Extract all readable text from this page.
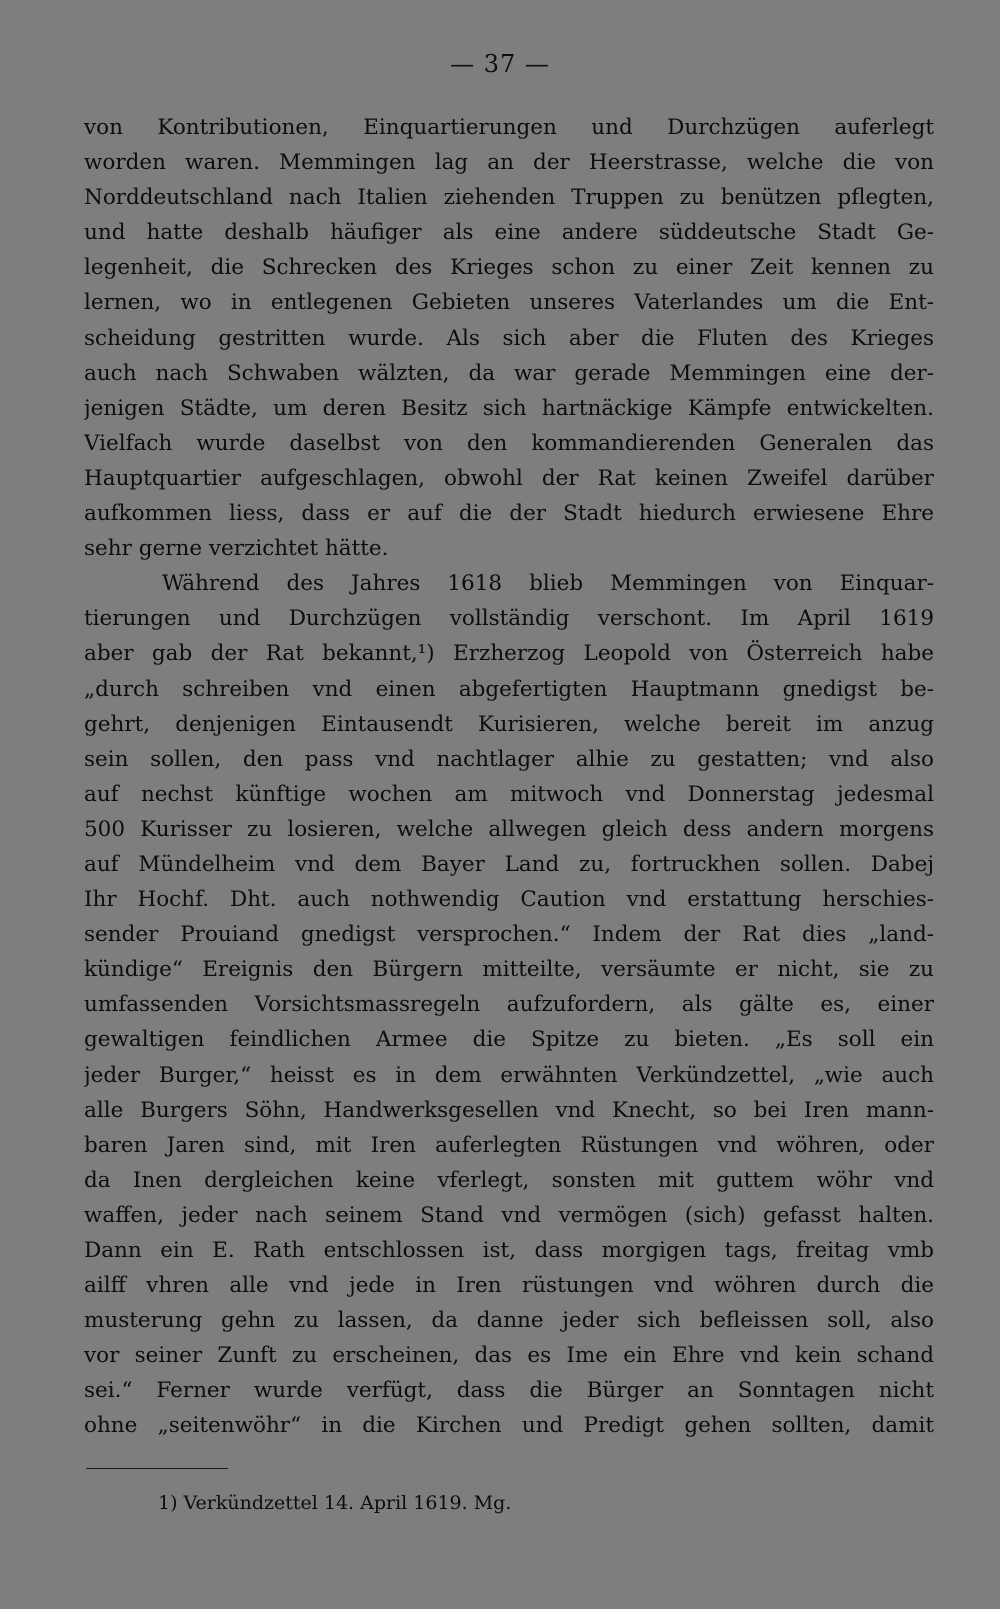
— 37 —
von Kontributionen, Einquartierungen und Durchzügen auferlegt
worden waren. Memmingen lag an der Heerstrasse, welche die von
Norddeutschland nach Italien ziehenden Truppen zu benützen pflegten,
und hatte deshalb häufiger als eine andere süddeutsche Stadt Ge-
legenheit, die Schrecken des Krieges schon zu einer Zeit kennen zu
lernen, wo in entlegenen Gebieten unseres Vaterlandes um die Ent-
scheidung gestritten wurde. Als sich aber die Fluten des Krieges
auch nach Schwaben wälzten, da war gerade Memmingen eine der-
jenigen Städte, um deren Besitz sich hartnäckige Kämpfe entwickelten.
Vielfach wurde daselbst von den kommandierenden Generalen das
Hauptquartier aufgeschlagen, obwohl der Rat keinen Zweifel darüber
aufkommen liess, dass er auf die der Stadt hiedurch erwiesene Ehre
sehr gerne verzichtet hätte.
Während des Jahres 1618 blieb Memmingen von Einquar-
tierungen und Durchzügen vollständig verschont. Im April 1619
aber gab der Rat bekannt,¹) Erzherzog Leopold von Österreich habe
„durch schreiben vnd einen abgefertigten Hauptmann gnedigst be-
gehrt, denjenigen Eintausendt Kurisieren, welche bereit im anzug
sein sollen, den pass vnd nachtlager alhie zu gestatten; vnd also
auf nechst künftige wochen am mitwoch vnd Donnerstag jedesmal
500 Kurisser zu losieren, welche allwegen gleich dess andern morgens
auf Mündelheim vnd dem Bayer Land zu, fortruckhen sollen. Dabej
Ihr Hochf. Dht. auch nothwendig Caution vnd erstattung herschies-
sender Prouiand gnedigst versprochen.“ Indem der Rat dies „land-
kündige“ Ereignis den Bürgern mitteilte, versäumte er nicht, sie zu
umfassenden Vorsichtsmassregeln aufzufordern, als gälte es, einer
gewaltigen feindlichen Armee die Spitze zu bieten. „Es soll ein
jeder Burger,“ heisst es in dem erwähnten Verkündzettel, „wie auch
alle Burgers Söhn, Handwerksgesellen vnd Knecht, so bei Iren mann-
baren Jaren sind, mit Iren auferlegten Rüstungen vnd wöhren, oder
da Inen dergleichen keine vferlegt, sonsten mit guttem wöhr vnd
waffen, jeder nach seinem Stand vnd vermögen (sich) gefasst halten.
Dann ein E. Rath entschlossen ist, dass morgigen tags, freitag vmb
ailff vhren alle vnd jede in Iren rüstungen vnd wöhren durch die
musterung gehn zu lassen, da danne jeder sich befleissen soll, also
vor seiner Zunft zu erscheinen, das es Ime ein Ehre vnd kein schand
sei.“ Ferner wurde verfügt, dass die Bürger an Sonntagen nicht
ohne „seitenwöhr“ in die Kirchen und Predigt gehen sollten, damit
1) Verkündzettel 14. April 1619. Mg.
